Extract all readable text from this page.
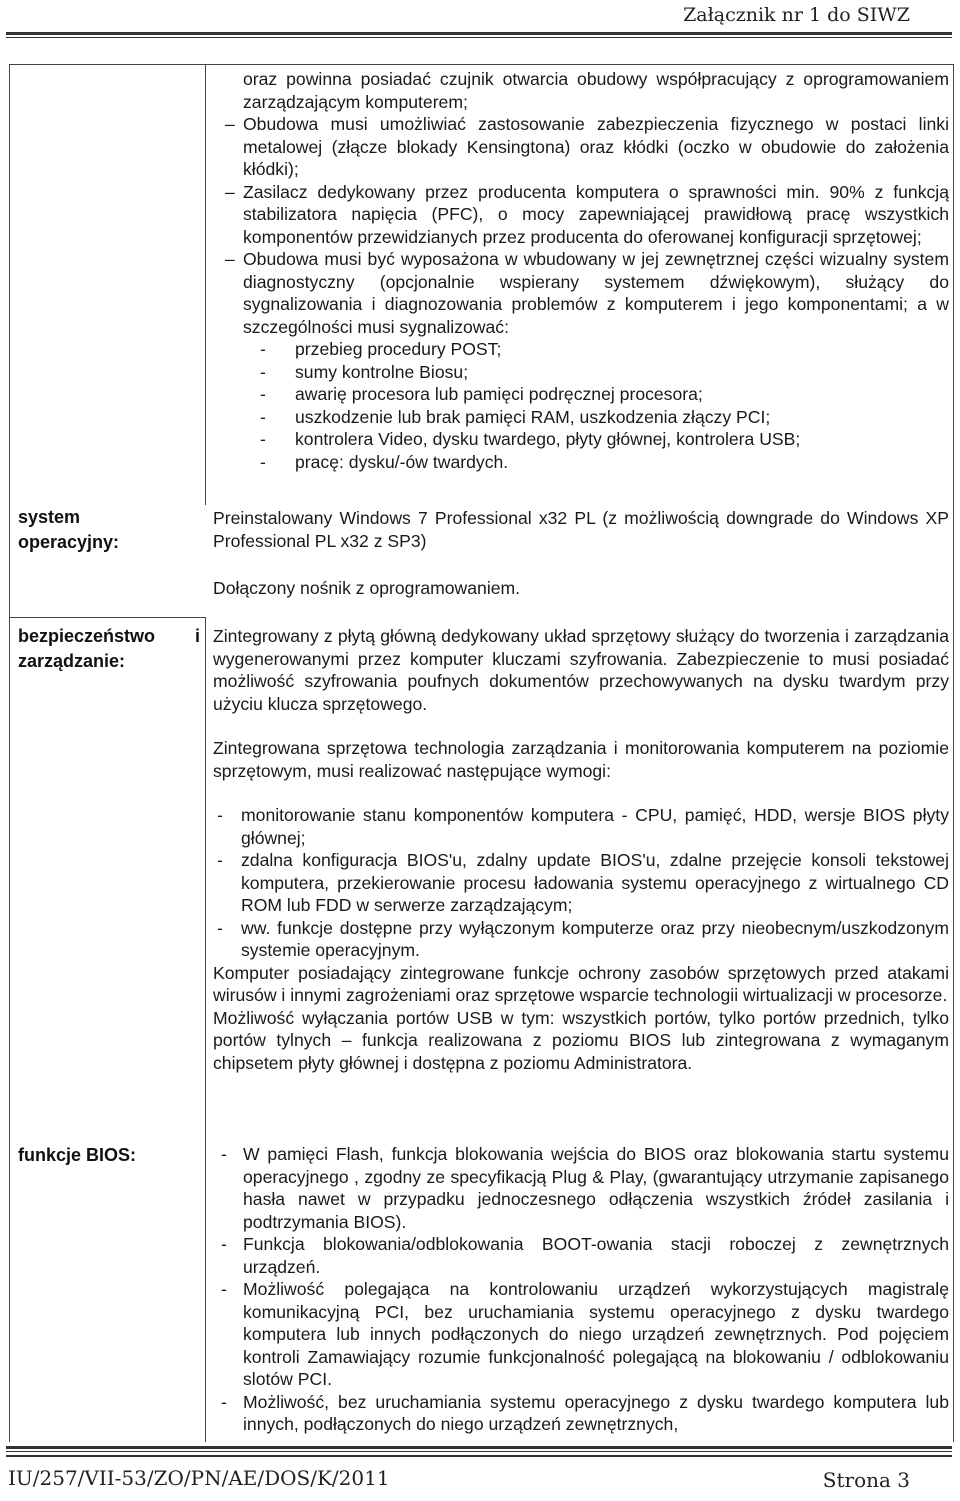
Załącznik nr 1 do SIWZ

oraz powinna posiadać czujnik otwarcia obudowy współpracujący z oprogramowaniem zarządzającym komputerem;

– Obudowa musi umożliwiać zastosowanie zabezpieczenia fizycznego w postaci linki metalowej (złącze blokady Kensingtona) oraz kłódki (oczko w obudowie do założenia kłódki);

– Zasilacz dedykowany przez producenta komputera o sprawności min. 90% z funkcją stabilizatora napięcia (PFC), o mocy zapewniającej prawidłową pracę wszystkich komponentów przewidzianych przez producenta do oferowanej konfiguracji sprzętowej;

– Obudowa musi być wyposażona w wbudowany w jej zewnętrznej części wizualny system diagnostyczny (opcjonalnie wspierany systemem dźwiękowym), służący do sygnalizowania i diagnozowania problemów z komputerem i jego komponentami; a w szczególności musi sygnalizować:

- przebieg procedury POST;

- sumy kontrolne Biosu;

- awarię procesora lub pamięci podręcznej procesora;

- uszkodzenie lub brak pamięci RAM, uszkodzenia złączy PCI;

- kontrolera Video, dysku twardego, płyty głównej, kontrolera USB;

- pracę: dysku/-ów twardych.

system
operacyjny:

Preinstalowany Windows 7 Professional x32 PL (z możliwością downgrade do Windows XP Professional PL x32 z SP3)

Dołączony nośnik z oprogramowaniem.

bezpieczeństwo i
zarządzanie:

Zintegrowany z płytą główną dedykowany układ sprzętowy służący do tworzenia i zarządzania wygenerowanymi przez komputer kluczami szyfrowania. Zabezpieczenie to musi posiadać możliwość szyfrowania poufnych dokumentów przechowywanych na dysku twardym przy użyciu klucza sprzętowego.

Zintegrowana sprzętowa technologia zarządzania i monitorowania komputerem na poziomie sprzętowym, musi realizować następujące wymogi:

- monitorowanie stanu komponentów komputera - CPU, pamięć, HDD, wersje BIOS płyty głównej;

- zdalna konfiguracja BIOS'u, zdalny update BIOS'u, zdalne przejęcie konsoli tekstowej komputera, przekierowanie procesu ładowania systemu operacyjnego z wirtualnego CD ROM lub FDD w serwerze zarządzającym;

- ww. funkcje dostępne przy wyłączonym komputerze oraz przy nieobecnym/uszkodzonym systemie operacyjnym.

Komputer posiadający zintegrowane funkcje ochrony zasobów sprzętowych przed atakami wirusów i innymi zagrożeniami oraz sprzętowe wsparcie technologii wirtualizacji w procesorze.

Możliwość wyłączania portów USB w tym: wszystkich portów, tylko portów przednich, tylko portów tylnych – funkcja realizowana z poziomu BIOS lub zintegrowana z wymaganym chipsetem płyty głównej i dostępna z poziomu Administratora.

funkcje BIOS:

-	W pamięci Flash, funkcja blokowania wejścia do BIOS oraz blokowania startu systemu operacyjnego , zgodny ze specyfikacją Plug & Play, (gwarantujący utrzymanie zapisanego hasła nawet w przypadku jednoczesnego odłączenia wszystkich źródeł zasilania i podtrzymania BIOS).

- Funkcja blokowania/odblokowania BOOT-owania stacji roboczej z zewnętrznych urządzeń.

- Możliwość polegająca na kontrolowaniu urządzeń wykorzystujących magistralę komunikacyjną PCI, bez uruchamiania systemu operacyjnego z dysku twardego komputera lub innych podłączonych do niego urządzeń zewnętrznych. Pod pojęciem kontroli Zamawiający rozumie funkcjonalność polegającą na blokowaniu / odblokowaniu slotów PCI.

- Możliwość, bez uruchamiania systemu operacyjnego z dysku twardego komputera lub innych, podłączonych do niego urządzeń zewnętrznych,

IU/257/VII-53/ZO/PN/AE/DOS/K/2011	Strona 3
